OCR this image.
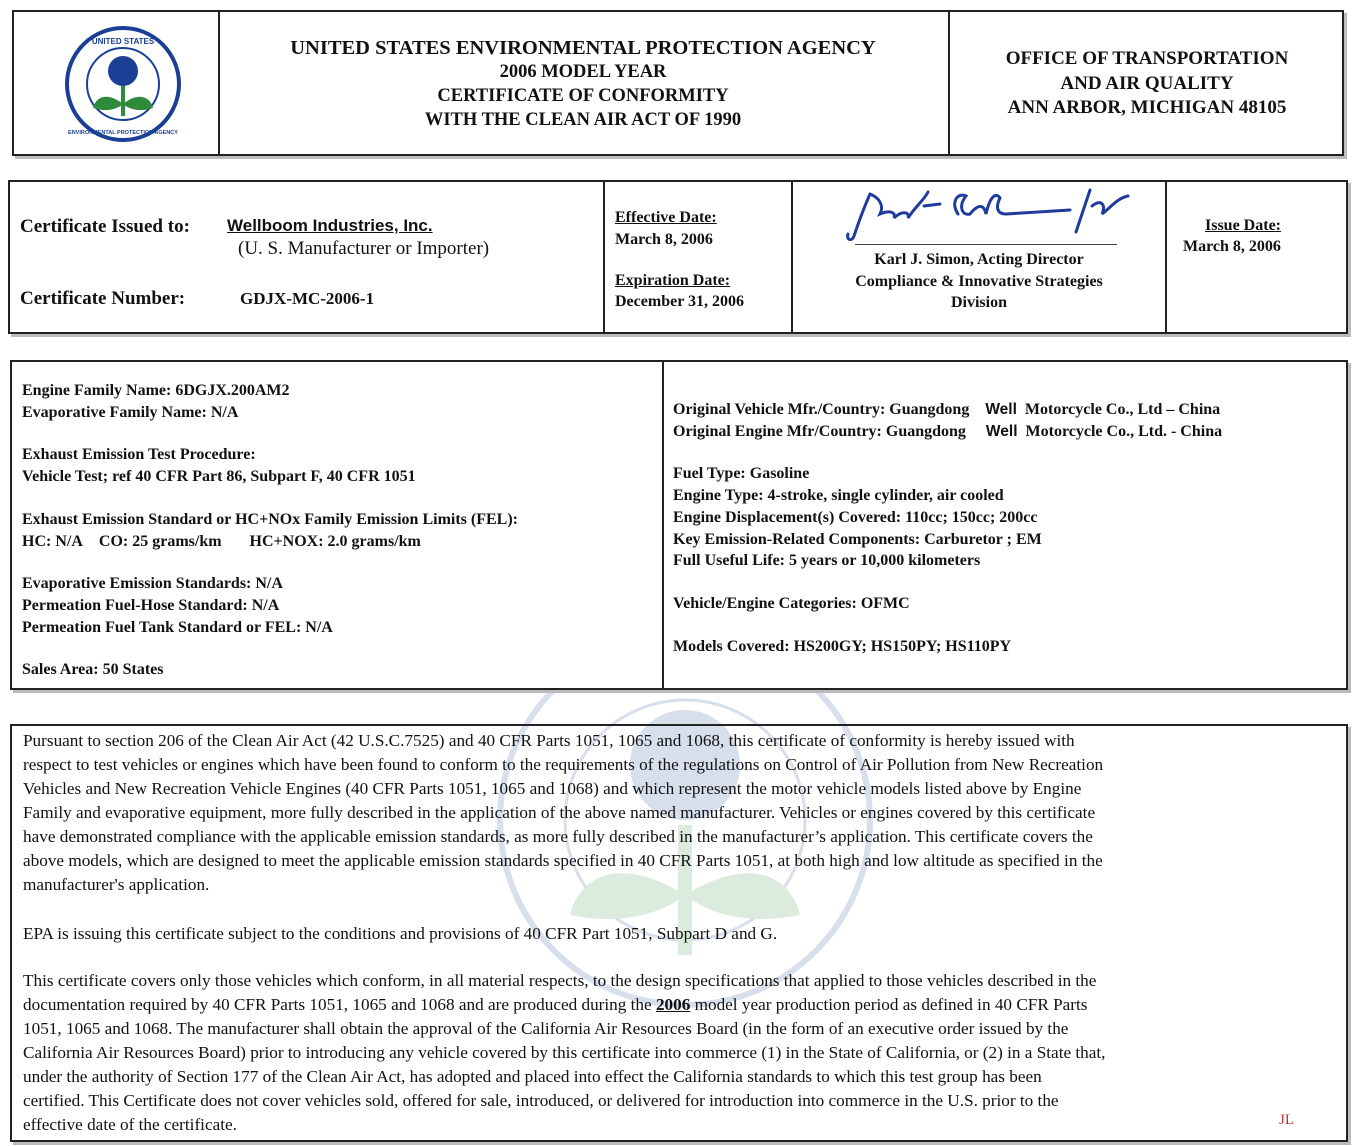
UNITED STATES
ENVIRONMENTAL PROTECTION AGENCY
UNITED STATES ENVIRONMENTAL PROTECTION AGENCY
2006 MODEL YEAR
CERTIFICATE OF CONFORMITY
WITH THE CLEAN AIR ACT OF 1990
OFFICE OF TRANSPORTATION
AND AIR QUALITY
ANN ARBOR, MICHIGAN 48105
Certificate Issued to: Wellboom Industries, Inc.
(U. S. Manufacturer or Importer)
Certificate Number:	GDJX-MC-2006-1
Effective Date:
March 8, 2006
Expiration Date:
December 31, 2006
Karl J. Simon, Acting Director
Compliance & Innovative Strategies
Division
Issue Date:
March 8, 2006
Engine Family Name: 6DGJX.200AM2
Evaporative Family Name: N/A
Exhaust Emission Test Procedure:
Vehicle Test; ref 40 CFR Part 86, Subpart F, 40 CFR 1051
Exhaust Emission Standard or HC+NOx Family Emission Limits (FEL):
HC: N/A CO: 25 grams/km HC+NOX: 2.0 grams/km
Evaporative Emission Standards: N/A
Permeation Fuel-Hose Standard: N/A
Permeation Fuel Tank Standard or FEL: N/A
Sales Area: 50 States
Original Vehicle Mfr./Country: Guangdong Well Motorcycle Co., Ltd – China
Original Engine Mfr/Country: Guangdong Well Motorcycle Co., Ltd. - China
Fuel Type: Gasoline
Engine Type: 4-stroke, single cylinder, air cooled
Engine Displacement(s) Covered: 110cc; 150cc; 200cc
Key Emission-Related Components: Carburetor ; EM
Full Useful Life: 5 years or 10,000 kilometers
Vehicle/Engine Categories: OFMC
Models Covered: HS200GY; HS150PY; HS110PY
Pursuant to section 206 of the Clean Air Act (42 U.S.C.7525) and 40 CFR Parts 1051, 1065 and 1068, this certificate of conformity is hereby issued with
respect to test vehicles or engines which have been found to conform to the requirements of the regulations on Control of Air Pollution from New Recreation
Vehicles and New Recreation Vehicle Engines (40 CFR Parts 1051, 1065 and 1068) and which represent the motor vehicle models listed above by Engine
Family and evaporative equipment, more fully described in the application of the above named manufacturer. Vehicles or engines covered by this certificate
have demonstrated compliance with the applicable emission standards, as more fully described in the manufacturer’s application. This certificate covers the
above models, which are designed to meet the applicable emission standards specified in 40 CFR Parts 1051, at both high and low altitude as specified in the
manufacturer's application.
EPA is issuing this certificate subject to the conditions and provisions of 40 CFR Part 1051, Subpart D and G.
This certificate covers only those vehicles which conform, in all material respects, to the design specifications that applied to those vehicles described in the
documentation required by 40 CFR Parts 1051, 1065 and 1068 and are produced during the 2006 model year production period as defined in 40 CFR Parts
1051, 1065 and 1068. The manufacturer shall obtain the approval of the California Air Resources Board (in the form of an executive order issued by the
California Air Resources Board) prior to introducing any vehicle covered by this certificate into commerce (1) in the State of California, or (2) in a State that,
under the authority of Section 177 of the Clean Air Act, has adopted and placed into effect the California standards to which this test group has been
certified. This Certificate does not cover vehicles sold, offered for sale, introduced, or delivered for introduction into commerce in the U.S. prior to the
effective date of the certificate.	JL
